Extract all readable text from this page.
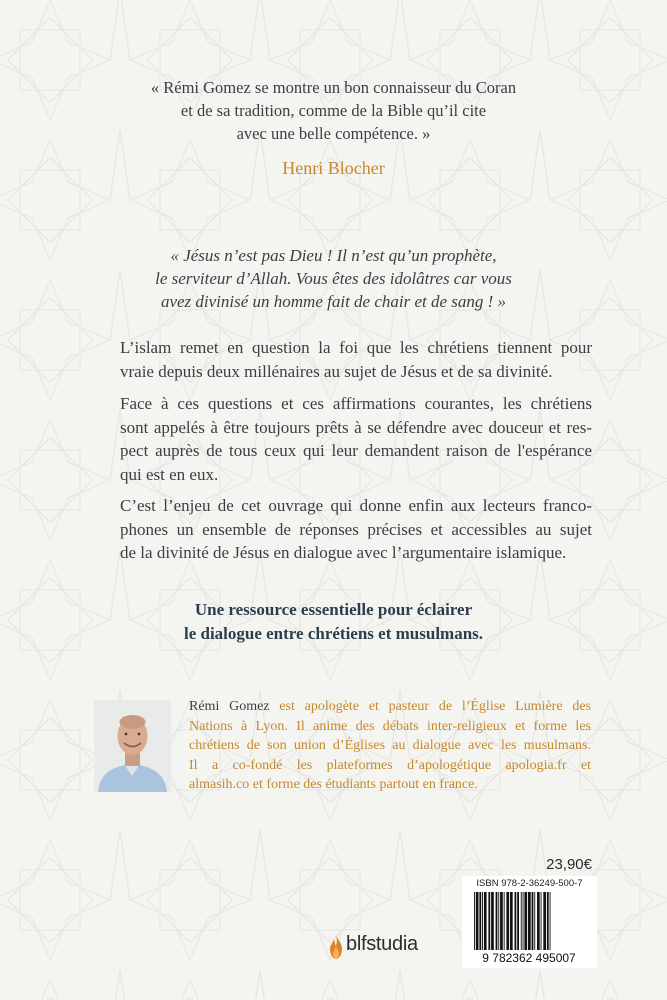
« Rémi Gomez se montre un bon connaisseur du Coran
et de sa tradition, comme de la Bible qu’il cite
avec une belle compétence. »
Henri Blocher
« Jésus n’est pas Dieu ! Il n’est qu’un prophète,
le serviteur d’Allah. Vous êtes des idolâtres car vous
avez divinisé un homme fait de chair et de sang ! »
L’islam remet en question la foi que les chrétiens tiennent pour
vraie depuis deux millénaires au sujet de Jésus et de sa divinité.
Face à ces questions et ces affirmations courantes, les chrétiens
sont appelés à être toujours prêts à se défendre avec douceur et res-
pect auprès de tous ceux qui leur demandent raison de l'espérance
qui est en eux.
C’est l’enjeu de cet ouvrage qui donne enfin aux lecteurs franco-
phones un ensemble de réponses précises et accessibles au sujet
de la divinité de Jésus en dialogue avec l’argumentaire islamique.
Une ressource essentielle pour éclairer
le dialogue entre chrétiens et musulmans.
Rémi Gomez est apologète et pasteur de l’Église Lumière des
Nations à Lyon. Il anime des débats inter-religieux et forme les
chrétiens de son union d’Églises au dialogue avec les musulmans.
Il a co-fondé les plateformes d’apologétique apologia.fr et
almasih.co et forme des étudiants partout en france.
23,90€
ISBN 978-2-36249-500-7
9 782362 495007
blfstudia
